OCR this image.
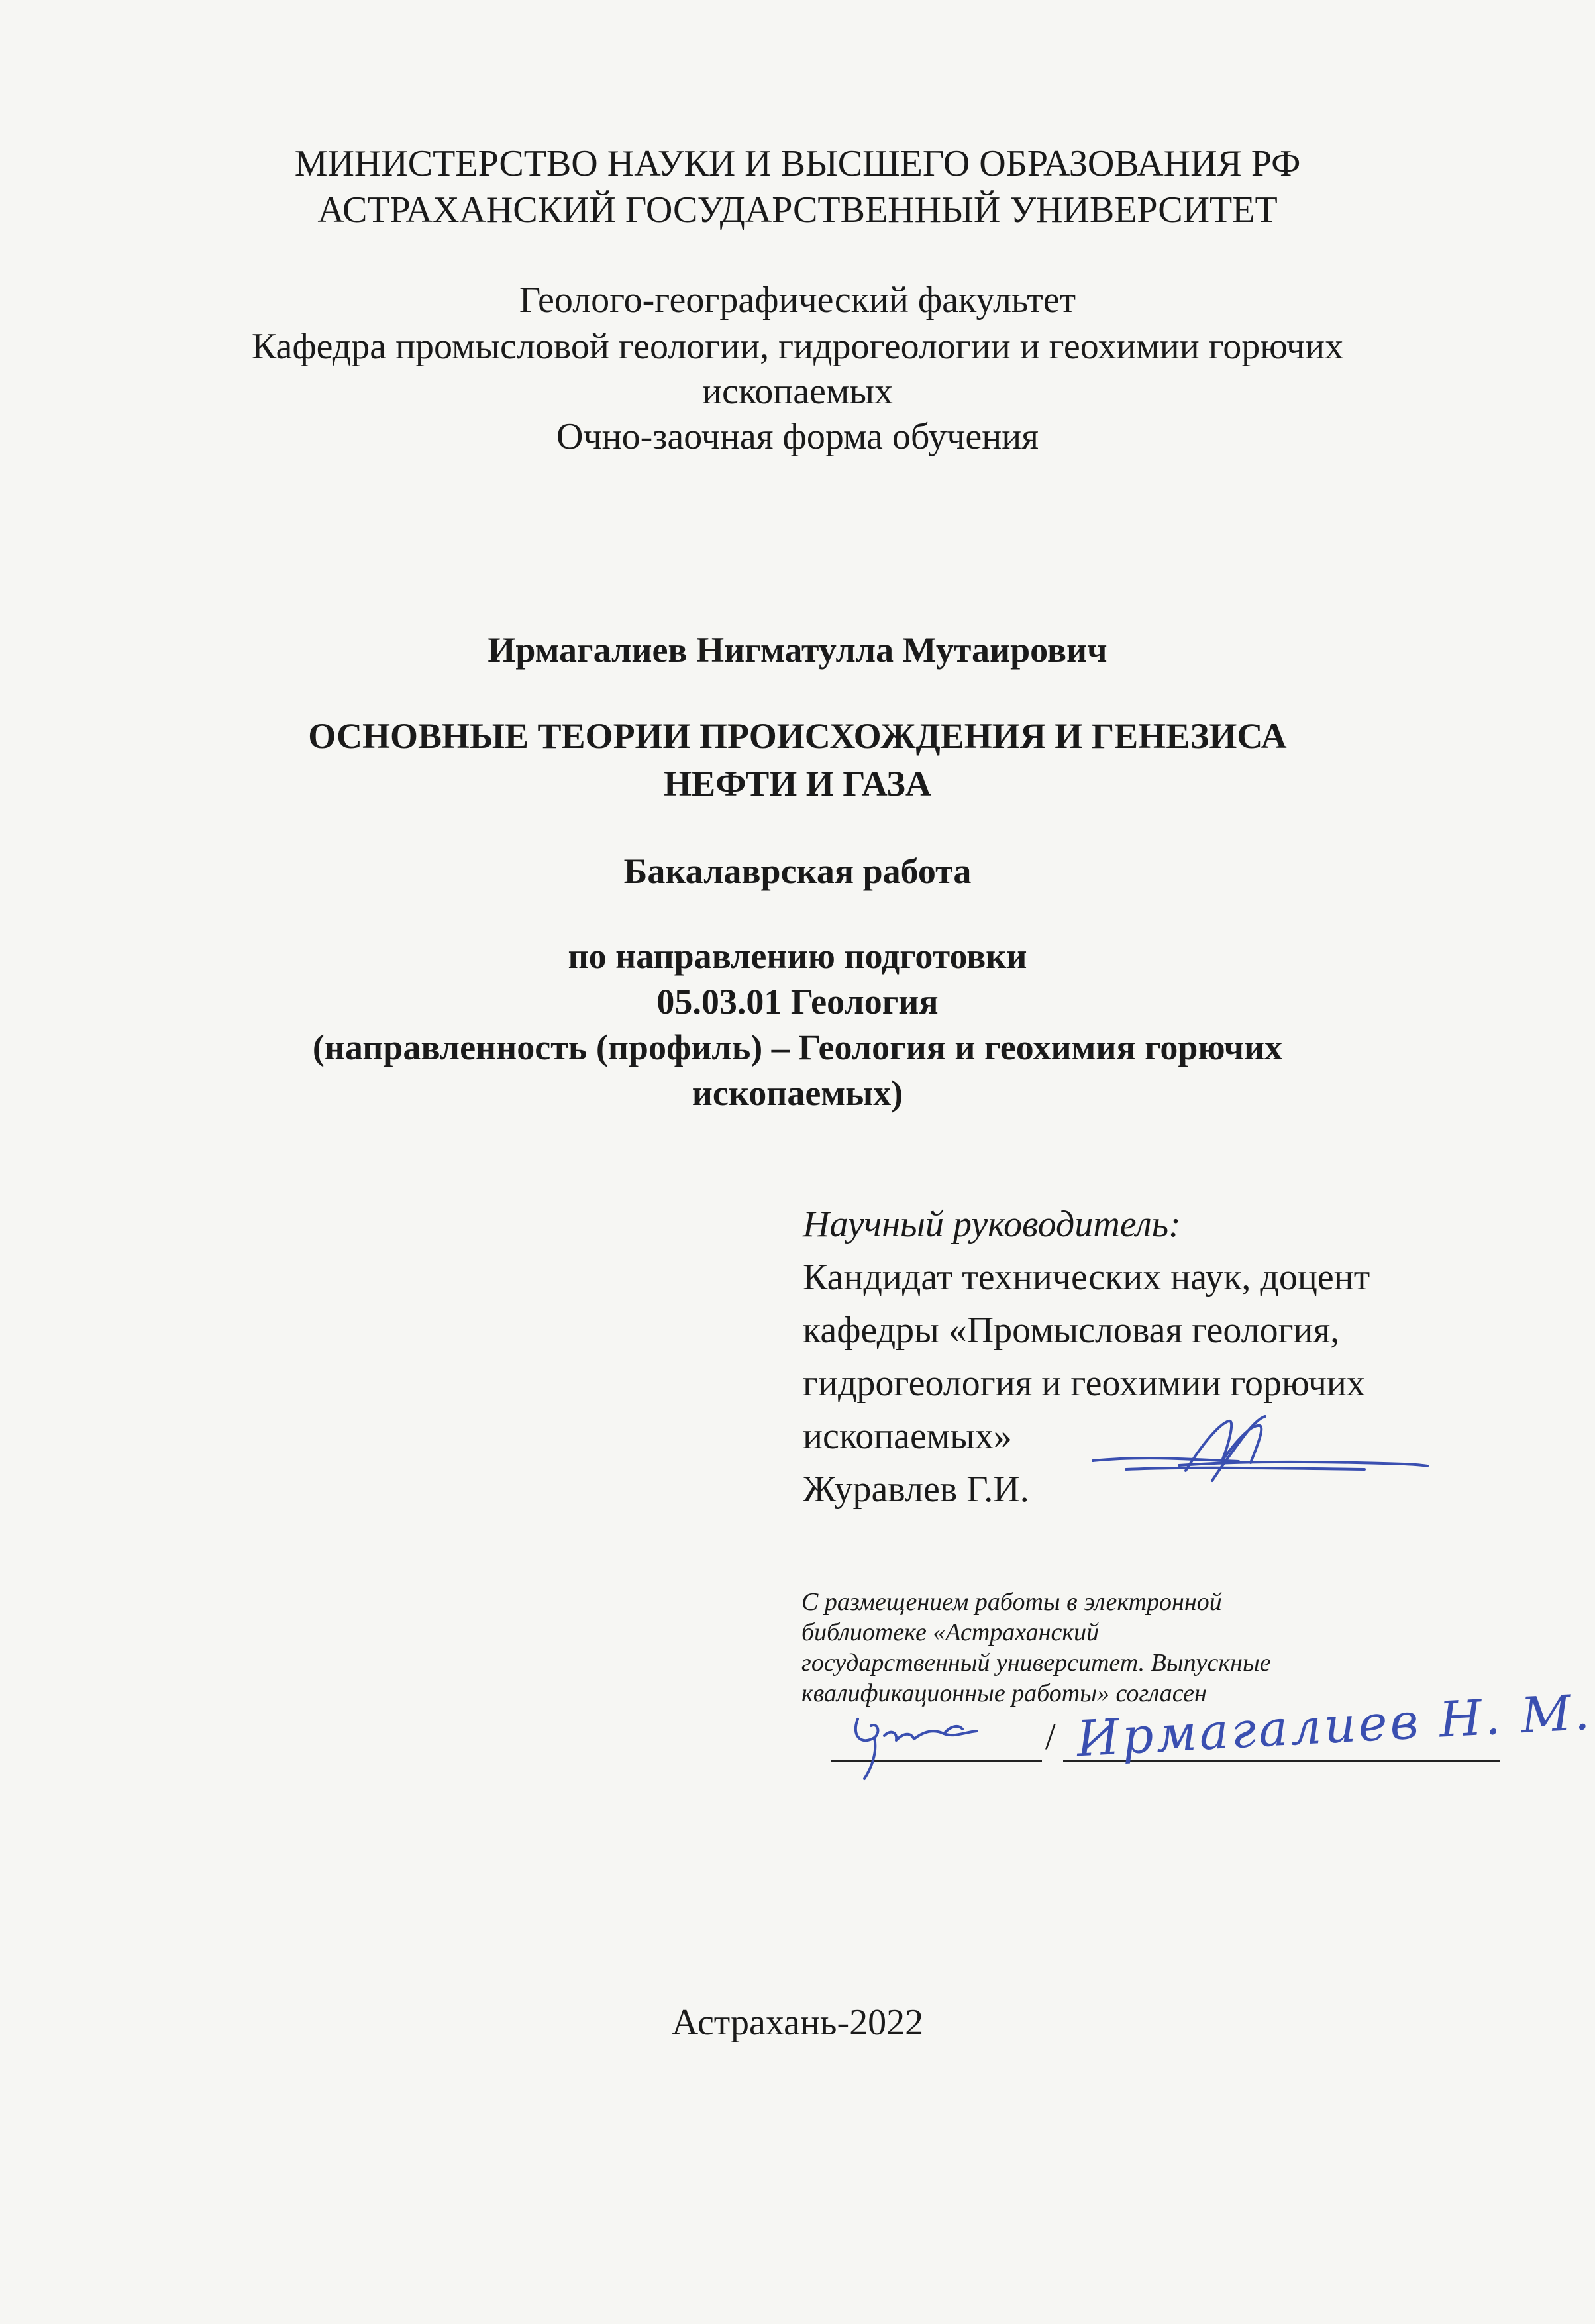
МИНИСТЕРСТВО НАУКИ И ВЫСШЕГО ОБРАЗОВАНИЯ РФ
АСТРАХАНСКИЙ ГОСУДАРСТВЕННЫЙ УНИВЕРСИТЕТ
Геолого-географический факультет
Кафедра промысловой геологии, гидрогеологии и геохимии горючих
ископаемых
Очно-заочная форма обучения
Ирмагалиев Нигматулла Мутаирович
ОСНОВНЫЕ ТЕОРИИ ПРОИСХОЖДЕНИЯ И ГЕНЕЗИСА
НЕФТИ И ГАЗА
Бакалаврская работа
по направлению подготовки
05.03.01 Геология
(направленность (профиль) – Геология и геохимия горючих
ископаемых)
Научный руководитель:
Кандидат технических наук, доцент
кафедры «Промысловая геология,
гидрогеология и геохимии горючих
ископаемых»
Журавлев Г.И.
С размещением работы в электронной
библиотеке «Астраханский
государственный университет. Выпускные
квалификационные работы» согласен
/ Ирмагалиев Н. М.
Астрахань-2022
